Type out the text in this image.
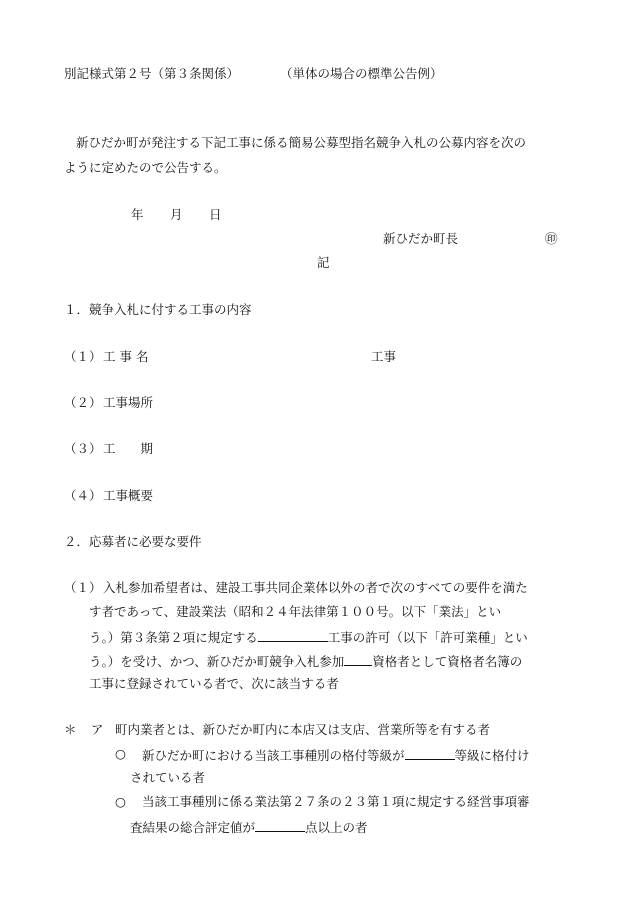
別記様式第２号（第３条関係）	（単体の場合の標準公告例）
新ひだか町が発注する下記工事に係る簡易公募型指名競争入札の公募内容を次の
ように定めたので公告する。
年 月 日
新ひだか町長	㊞
記
１．競争入札に付する工事の内容
（１） 工 事 名	工事
（２） 工事場所
（３） 工　　期
（４） 工事概要
２．応募者に必要な要件
（１） 入札参加希望者は、建設工事共同企業体以外の者で次のすべての要件を満た
す者であって、建設業法（昭和２４年法律第１００号。以下「業法」とい
う。）第３条第２項に規定する	工事の許可（以下「許可業種」とい
う。）を受け、かつ、新ひだか町競争入札参加 資格者として資格者名簿の
工事に登録されている者で、次に該当する者
＊ ア 町内業者とは、新ひだか町内に本店又は支店、営業所等を有する者
○ 新ひだか町における当該工事種別の格付等級が	等級に格付け
されている者
○ 当該工事種別に係る業法第２７条の２３第１項に規定する経営事項審
査結果の総合評定値が	点以上の者
